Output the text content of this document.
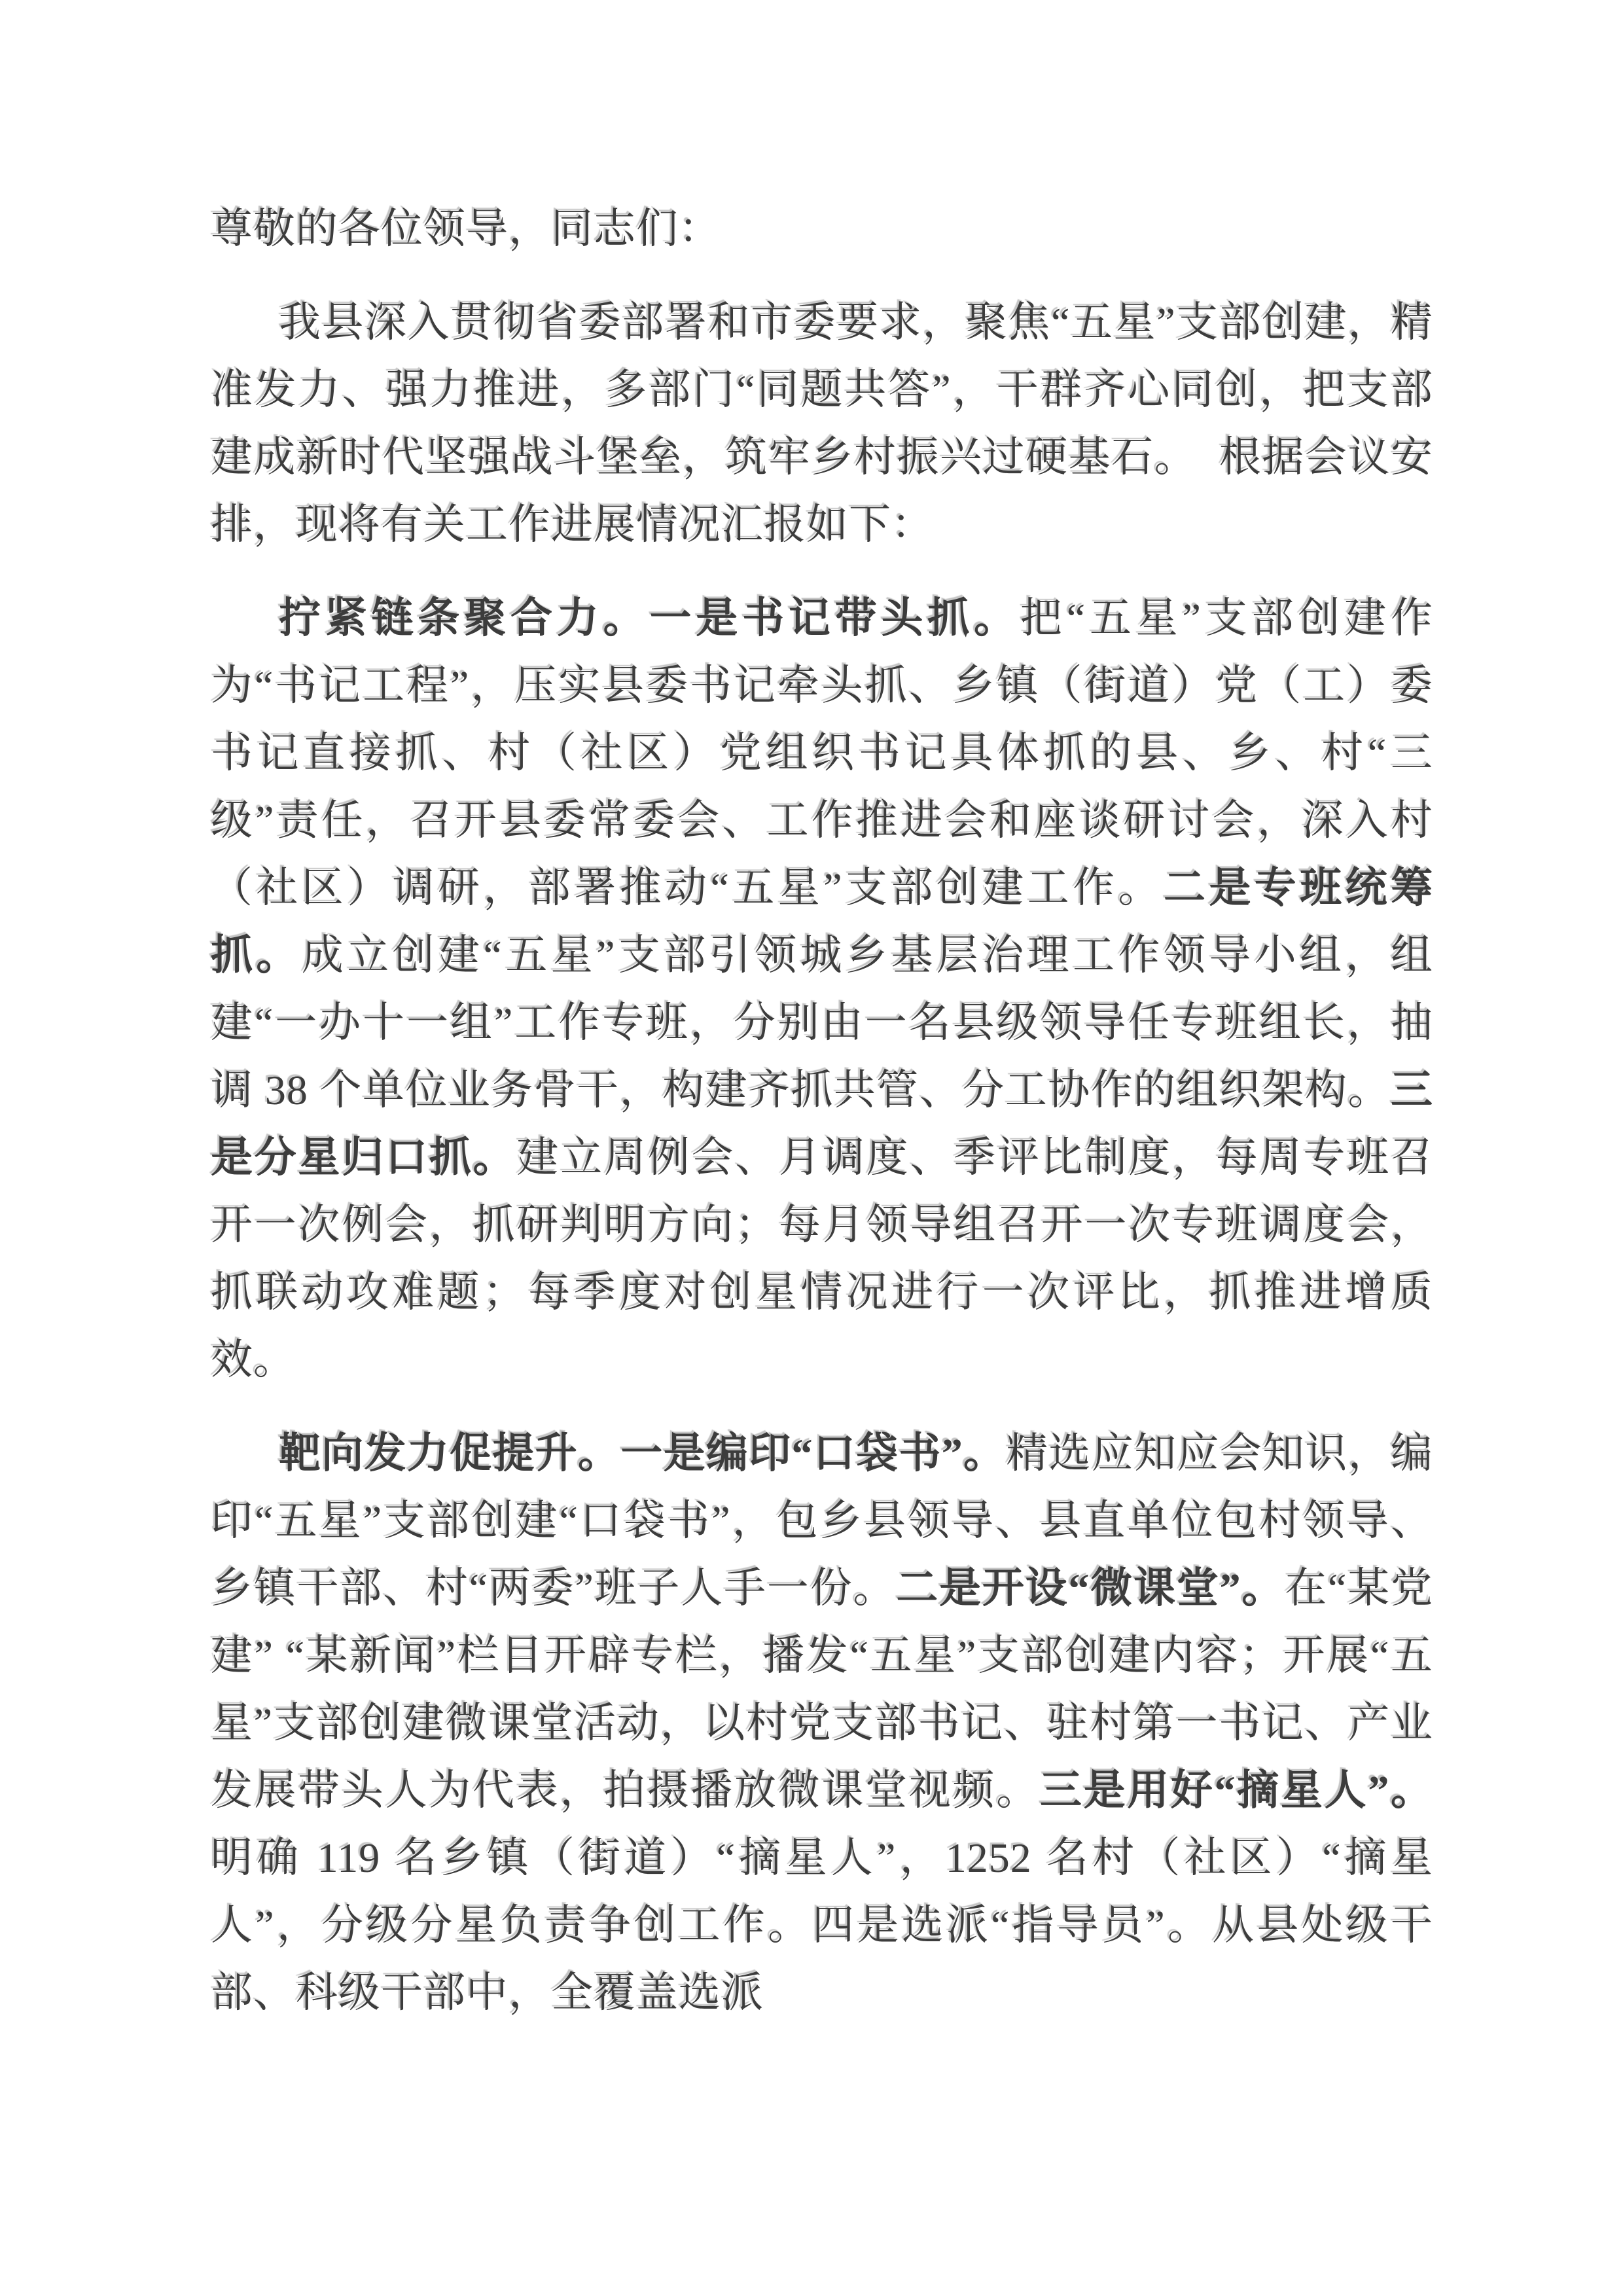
尊敬的各位领导，同志们：

我县深入贯彻省委部署和市委要求，聚焦“五星”支部创建，精准发力、强力推进，多部门“同题共答”，干群齐心同创，把支部建成新时代坚强战斗堡垒，筑牢乡村振兴过硬基石。　根据会议安排，现将有关工作进展情况汇报如下：

拧紧链条聚合力。一是书记带头抓。把“五星”支部创建作为“书记工程”，压实县委书记牵头抓、乡镇（街道）党（工）委书记直接抓、村（社区）党组织书记具体抓的县、乡、村“三级”责任，召开县委常委会、工作推进会和座谈研讨会，深入村（社区）调研，部署推动“五星”支部创建工作。二是专班统筹抓。成立创建“五星”支部引领城乡基层治理工作领导小组，组建“一办十一组”工作专班，分别由一名县级领导任专班组长，抽调 38 个单位业务骨干，构建齐抓共管、分工协作的组织架构。三是分星归口抓。建立周例会、月调度、季评比制度，每周专班召开一次例会，抓研判明方向；每月领导组召开一次专班调度会，抓联动攻难题；每季度对创星情况进行一次评比，抓推进增质效。

靶向发力促提升。一是编印“口袋书”。精选应知应会知识，编印“五星”支部创建“口袋书”，包乡县领导、县直单位包村领导、乡镇干部、村“两委”班子人手一份。二是开设“微课堂”。在“某党建” “某新闻”栏目开辟专栏，播发“五星”支部创建内容；开展“五星”支部创建微课堂活动，以村党支部书记、驻村第一书记、产业发展带头人为代表，拍摄播放微课堂视频。三是用好“摘星人”。明确 119 名乡镇（街道）“摘星人”，1252 名村（社区）“摘星人”，分级分星负责争创工作。四是选派“指导员”。从县处级干部、科级干部中，全覆盖选派
